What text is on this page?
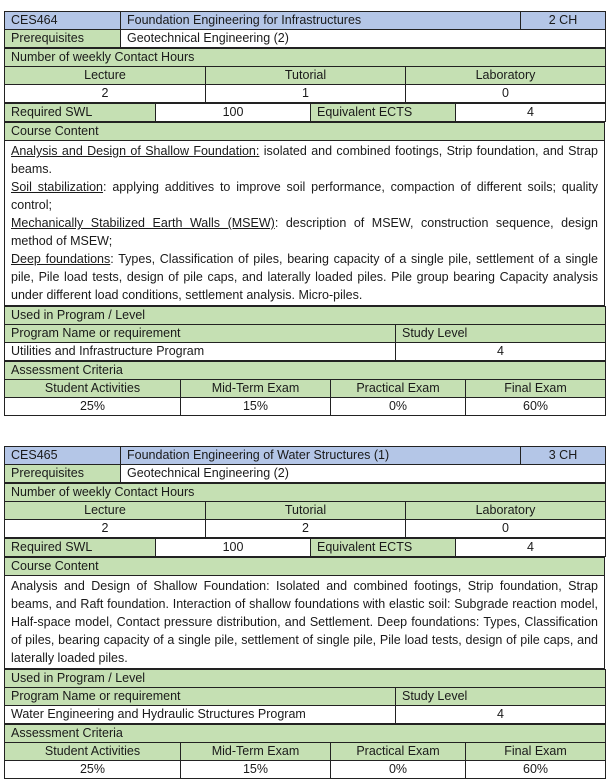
CES464	Foundation Engineering for Infrastructures	2 CH
Prerequisites	Geotechnical Engineering (2)	
Number of weekly Contact Hours		
Lecture	Tutorial	Laboratory
2	1	0
Required SWL	100	Equivalent ECTS	4
Course Content

Analysis and Design of Shallow Foundation: isolated and combined footings, Strip foundation, and Strap beams.
Soil stabilization: applying additives to improve soil performance, compaction of different soils; quality control;
Mechanically Stabilized Earth Walls (MSEW): description of MSEW, construction sequence, design method of MSEW;
Deep foundations: Types, Classification of piles, bearing capacity of a single pile, settlement of a single pile, Pile load tests, design of pile caps, and laterally loaded piles. Pile group bearing Capacity analysis under different load conditions, settlement analysis. Micro-piles.
Used in Program / Level	
Program Name or requirement	Study Level
Utilities and Infrastructure Program	4
Assessment Criteria			
Student Activities	Mid-Term Exam	Practical Exam	Final Exam
25%	15%	0%	60%
CES465	Foundation Engineering of Water Structures (1)	3 CH
Prerequisites	Geotechnical Engineering (2)	
Number of weekly Contact Hours		
Lecture	Tutorial	Laboratory
2	2	0
Required SWL	100	Equivalent ECTS	4
Course Content
Analysis and Design of Shallow Foundation: Isolated and combined footings, Strip foundation, Strap beams, and Raft foundation. Interaction of shallow foundations with elastic soil: Subgrade reaction model, Half-space model, Contact pressure distribution, and Settlement. Deep foundations: Types, Classification of piles, bearing capacity of a single pile, settlement of single pile, Pile load tests, design of pile caps, and laterally loaded piles.
Used in Program / Level	
Program Name or requirement	Study Level
Water Engineering and Hydraulic Structures Program	4
Assessment Criteria			
Student Activities	Mid-Term Exam	Practical Exam	Final Exam
25%	15%	0%	60%
